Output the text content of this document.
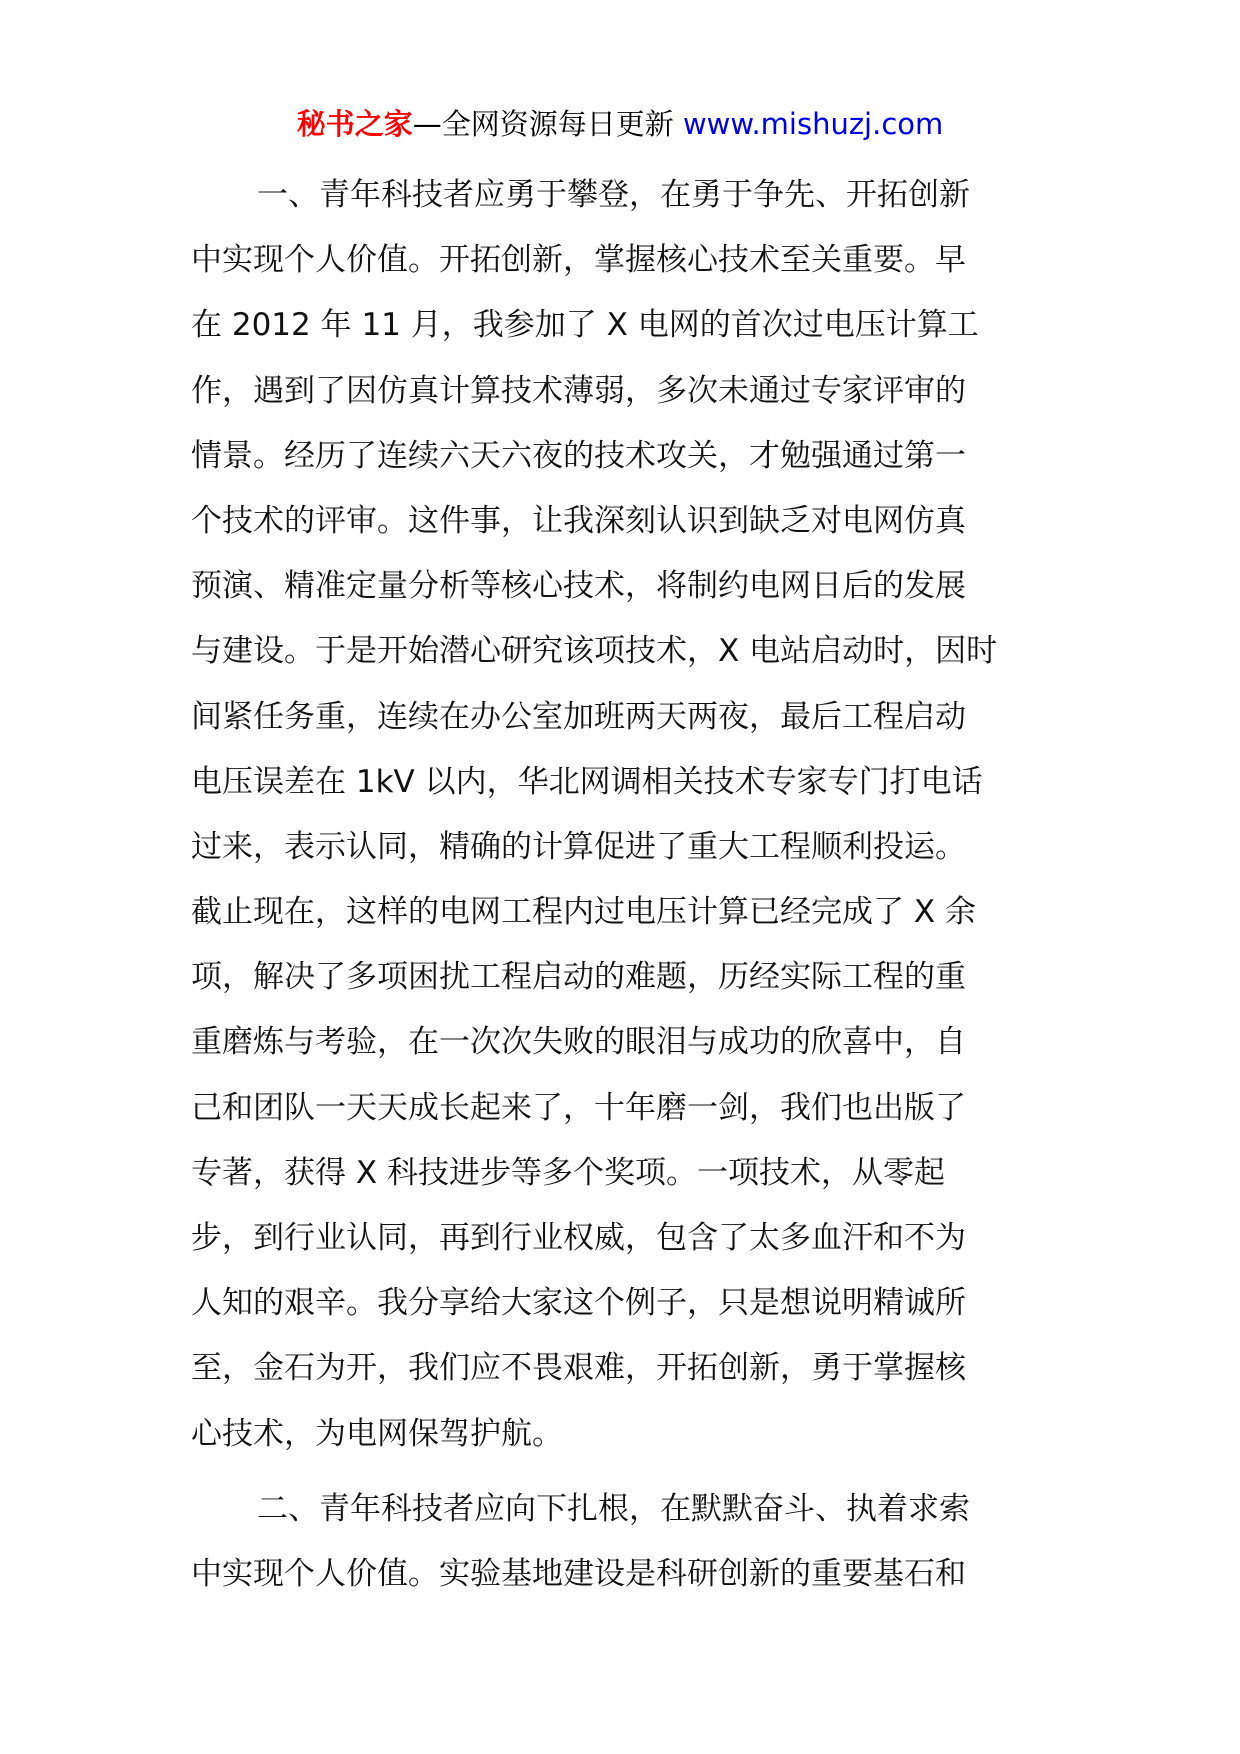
秘书之家—全网资源每日更新 www.mishuzj.com
一、青年科技者应勇于攀登，在勇于争先、开拓创新
中实现个人价值。开拓创新，掌握核心技术至关重要。早
在 2012 年 11 月，我参加了 X 电网的首次过电压计算工
作，遇到了因仿真计算技术薄弱，多次未通过专家评审的
情景。经历了连续六天六夜的技术攻关，才勉强通过第一
个技术的评审。这件事，让我深刻认识到缺乏对电网仿真
预演、精准定量分析等核心技术，将制约电网日后的发展
与建设。于是开始潜心研究该项技术，X 电站启动时，因时
间紧任务重，连续在办公室加班两天两夜，最后工程启动
电压误差在 1kV 以内，华北网调相关技术专家专门打电话
过来，表示认同，精确的计算促进了重大工程顺利投运。
截止现在，这样的电网工程内过电压计算已经完成了 X 余
项，解决了多项困扰工程启动的难题，历经实际工程的重
重磨炼与考验，在一次次失败的眼泪与成功的欣喜中，自
己和团队一天天成长起来了，十年磨一剑，我们也出版了
专著，获得 X 科技进步等多个奖项。一项技术，从零起
步，到行业认同，再到行业权威，包含了太多血汗和不为
人知的艰辛。我分享给大家这个例子，只是想说明精诚所
至，金石为开，我们应不畏艰难，开拓创新，勇于掌握核
心技术，为电网保驾护航。
二、青年科技者应向下扎根，在默默奋斗、执着求索
中实现个人价值。实验基地建设是科研创新的重要基石和
